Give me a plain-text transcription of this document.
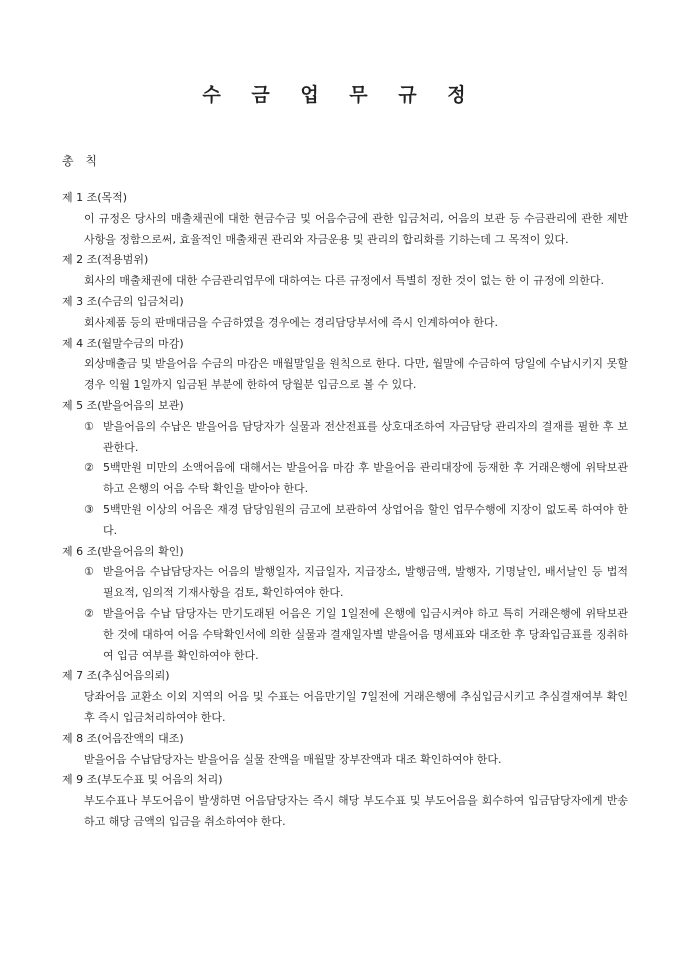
수 금 업 무 규 정
총 칙

제 1 조(목적)

이 규정은 당사의 매출채권에 대한 현금수금 및 어음수금에 관한 입금처리, 어음의 보관 등 수금관리에 관한 제반사항을 정함으로써, 효율적인 매출채권 관리와 자금운용 및 관리의 합리화를 기하는데 그 목적이 있다.

제 2 조(적용범위)

회사의 매출채권에 대한 수금관리업무에 대하여는 다른 규정에서 특별히 정한 것이 없는 한 이 규정에 의한다.

제 3 조(수금의 입금처리)

회사제품 등의 판매대금을 수금하였을 경우에는 경리담당부서에 즉시 인계하여야 한다.

제 4 조(월말수금의 마감)

외상매출금 및 받을어음 수금의 마감은 매월말일을 원칙으로 한다. 다만, 월말에 수금하여 당일에 수납시키지 못할 경우 익월 1일까지 입금된 부분에 한하여 당월분 입금으로 볼 수 있다.

제 5 조(받을어음의 보관)

① 받을어음의 수납은 받을어음 담당자가 실물과 전산전표를 상호대조하여 자금담당 관리자의 결재를 필한 후 보관한다.
② 5백만원 미만의 소액어음에 대해서는 받을어음 마감 후 받을어음 관리대장에 등재한 후 거래은행에 위탁보관하고 은행의 어음 수탁 확인을 받아야 한다.
③ 5백만원 이상의 어음은 재경 담당임원의 금고에 보관하여 상업어음 할인 업무수행에 지장이 없도록 하여야 한다.

제 6 조(받을어음의 확인)

① 받을어음 수납담당자는 어음의 발행일자, 지급일자, 지급장소, 발행금액, 발행자, 기명날인, 배서날인 등 법적 필요적, 임의적 기재사항을 검토, 확인하여야 한다.
② 받을어음 수납 담당자는 만기도래된 어음은 기일 1일전에 은행에 입금시켜야 하고 특히 거래은행에 위탁보관한 것에 대하여 어음 수탁확인서에 의한 실물과 결재일자별 받을어음 명세표와 대조한 후 당좌입금표를 징취하여 입금 여부를 확인하여야 한다.

제 7 조(추심어음의뢰)

당좌어음 교환소 이외 지역의 어음 및 수표는 어음만기일 7일전에 거래은행에 추심입금시키고 추심결재여부 확인 후 즉시 입금처리하여야 한다.

제 8 조(어음잔액의 대조)

받을어음 수납담당자는 받을어음 실물 잔액을 매월말 장부잔액과 대조 확인하여야 한다.

제 9 조(부도수표 및 어음의 처리)

부도수표나 부도어음이 발생하면 어음담당자는 즉시 해당 부도수표 및 부도어음을 회수하여 입금담당자에게 반송하고 해당 금액의 입금을 취소하여야 한다.
